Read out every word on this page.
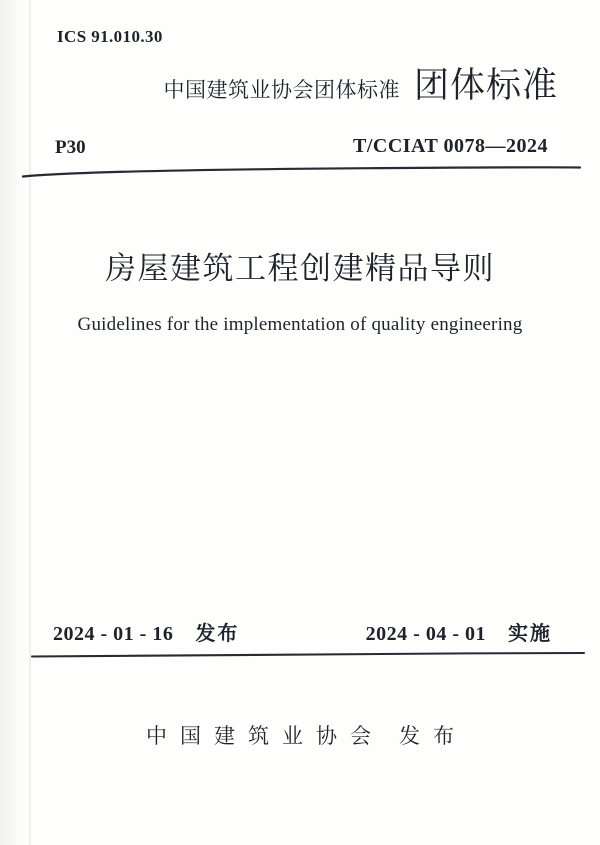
ICS 91.010.30
中国建筑业协会团体标准 团体标准
P30	T/CCIAT 0078—2024
房屋建筑工程创建精品导则
Guidelines for the implementation of quality engineering
2024 - 01 - 16 发布	2024 - 04 - 01 实施
中国建筑业协会 发布
